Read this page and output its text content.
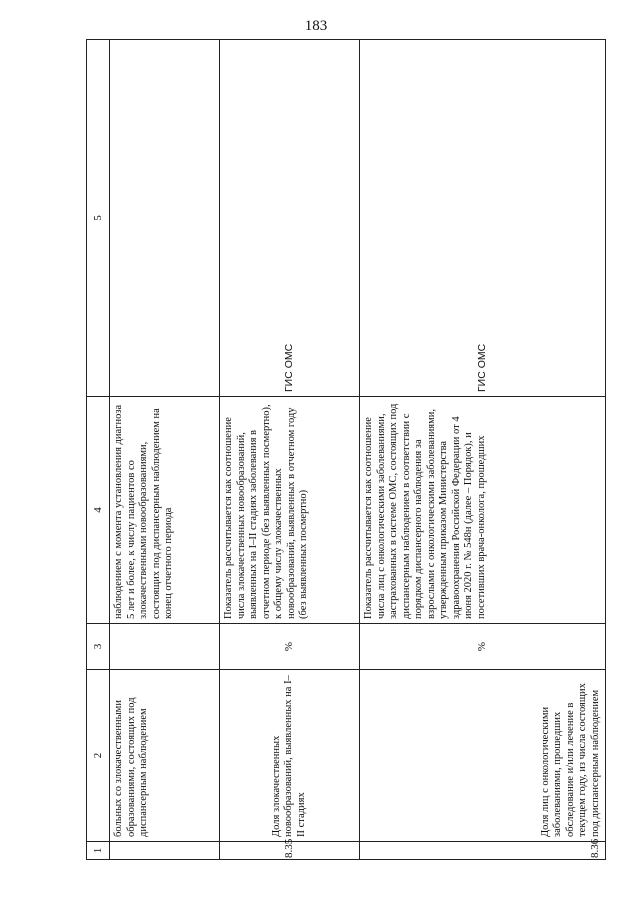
183
1	2	3	4	5
	больных со злокачественными образованиями, состоящих под диспансерным наблюдением		наблюдением с момента установления диагноза 5 лет и более, к числу пациентов со злокачественными новообразованиями, состоящих под диспансерным наблюдением на конец отчетного периода	
8.35	Доля злокачественных новообразований, выявленных на I–II стадиях	%	Показатель рассчитывается как соотношение числа злокачественных новообразований, выявленных на I–II стадиях заболевания в отчетном периоде (без выявленных посмертно), к общему числу злокачественных новообразований, выявленных в отчетном году (без выявленных посмертно)	ГИС ОМС
8.36	Доля лиц с онкологическими заболеваниями, прошедших обследование и/или лечение в текущем году, из числа состоящих под диспансерным наблюдением	%	Показатель рассчитывается как соотношение числа лиц с онкологическими заболеваниями, застрахованных в системе ОМС, состоящих под диспансерным наблюдением в соответствии с порядком диспансерного наблюдения за взрослыми с онкологическими заболеваниями, утвержденным приказом Министерства здравоохранения Российской Федерации от 4 июня 2020 г. № 548н (далее – Порядок), и посетивших врача-онколога, прошедших	ГИС ОМС
